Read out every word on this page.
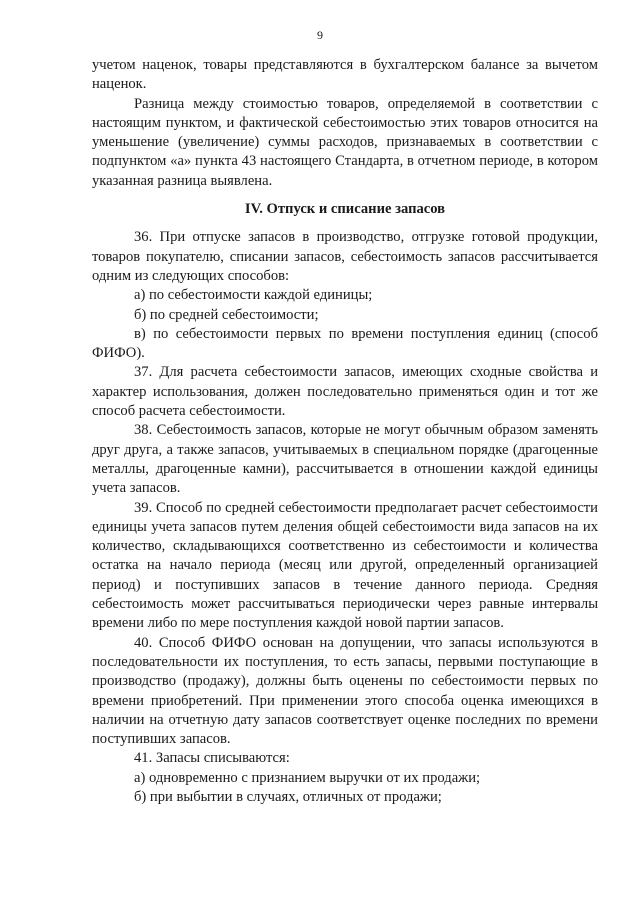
9

учетом наценок, товары представляются в бухгалтерском балансе за вычетом наценок.

Разница между стоимостью товаров, определяемой в соответствии с настоящим пунктом, и фактической себестоимостью этих товаров относится на уменьшение (увеличение) суммы расходов, признаваемых в соответствии с подпунктом «а» пункта 43 настоящего Стандарта, в отчетном периоде, в котором указанная разница выявлена.

IV. Отпуск и списание запасов

36. При отпуске запасов в производство, отгрузке готовой продукции, товаров покупателю, списании запасов, себестоимость запасов рассчитывается одним из следующих способов:

а) по себестоимости каждой единицы;

б) по средней себестоимости;

в) по себестоимости первых по времени поступления единиц (способ ФИФО).

37. Для расчета себестоимости запасов, имеющих сходные свойства и характер использования, должен последовательно применяться один и тот же способ расчета себестоимости.

38. Себестоимость запасов, которые не могут обычным образом заменять друг друга, а также запасов, учитываемых в специальном порядке (драгоценные металлы, драгоценные камни), рассчитывается в отношении каждой единицы учета запасов.

39. Способ по средней себестоимости предполагает расчет себестоимости единицы учета запасов путем деления общей себестоимости вида запасов на их количество, складывающихся соответственно из себестоимости и количества остатка на начало периода (месяц или другой, определенный организацией период) и поступивших запасов в течение данного периода. Средняя себестоимость может рассчитываться периодически через равные интервалы времени либо по мере поступления каждой новой партии запасов.

40. Способ ФИФО основан на допущении, что запасы используются в последовательности их поступления, то есть запасы, первыми поступающие в производство (продажу), должны быть оценены по себестоимости первых по времени приобретений. При применении этого способа оценка имеющихся в наличии на отчетную дату запасов соответствует оценке последних по времени поступивших запасов.

41. Запасы списываются:

а) одновременно с признанием выручки от их продажи;

б) при выбытии в случаях, отличных от продажи;
